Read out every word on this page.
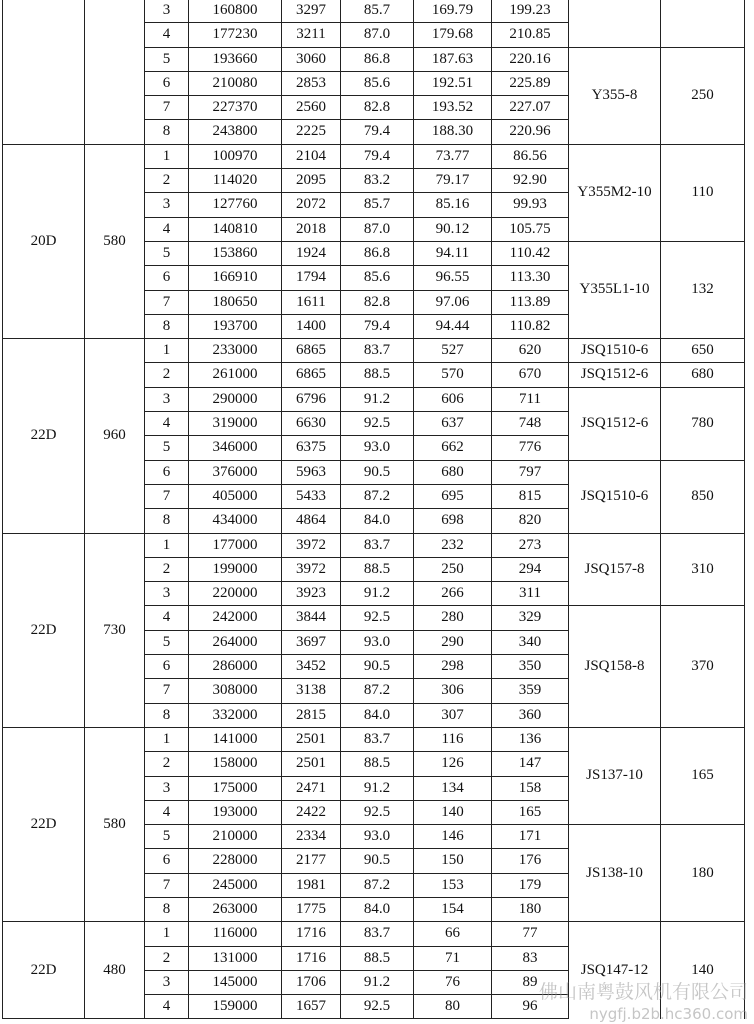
		3	160800	3297	85.7	169.79	199.23		
		4	177230	3211	87.0	179.68	210.85		
		5	193660	3060	86.8	187.63	220.16	Y355-8	250
		6	210080	2853	85.6	192.51	225.89		
		7	227370	2560	82.8	193.52	227.07		
		8	243800	2225	79.4	188.30	220.96		
20D	580	1	100970	2104	79.4	73.77	86.56	Y355M2-10	110
		2	114020	2095	83.2	79.17	92.90		
		3	127760	2072	85.7	85.16	99.93		
		4	140810	2018	87.0	90.12	105.75		
		5	153860	1924	86.8	94.11	110.42	Y355L1-10	132
		6	166910	1794	85.6	96.55	113.30		
		7	180650	1611	82.8	97.06	113.89		
		8	193700	1400	79.4	94.44	110.82		
22D	960	1	233000	6865	83.7	527	620	JSQ1510-6	650
		2	261000	6865	88.5	570	670	JSQ1512-6	680
		3	290000	6796	91.2	606	711	JSQ1512-6	780
		4	319000	6630	92.5	637	748		
		5	346000	6375	93.0	662	776		
		6	376000	5963	90.5	680	797	JSQ1510-6	850
		7	405000	5433	87.2	695	815		
		8	434000	4864	84.0	698	820		
22D	730	1	177000	3972	83.7	232	273	JSQ157-8	310
		2	199000	3972	88.5	250	294		
		3	220000	3923	91.2	266	311		
		4	242000	3844	92.5	280	329	JSQ158-8	370
		5	264000	3697	93.0	290	340		
		6	286000	3452	90.5	298	350		
		7	308000	3138	87.2	306	359		
		8	332000	2815	84.0	307	360		
22D	580	1	141000	2501	83.7	116	136	JS137-10	165
		2	158000	2501	88.5	126	147		
		3	175000	2471	91.2	134	158		
		4	193000	2422	92.5	140	165		
		5	210000	2334	93.0	146	171	JS138-10	180
		6	228000	2177	90.5	150	176		
		7	245000	1981	87.2	153	179		
		8	263000	1775	84.0	154	180		
22D	480	1	116000	1716	83.7	66	77	JSQ147-12	140
		2	131000	1716	88.5	71	83		
		3	145000	1706	91.2	76	89		
		4	159000	1657	92.5	80	96		
佛山南粤鼓风机有限公司
nygfj.b2b.hc360.com
